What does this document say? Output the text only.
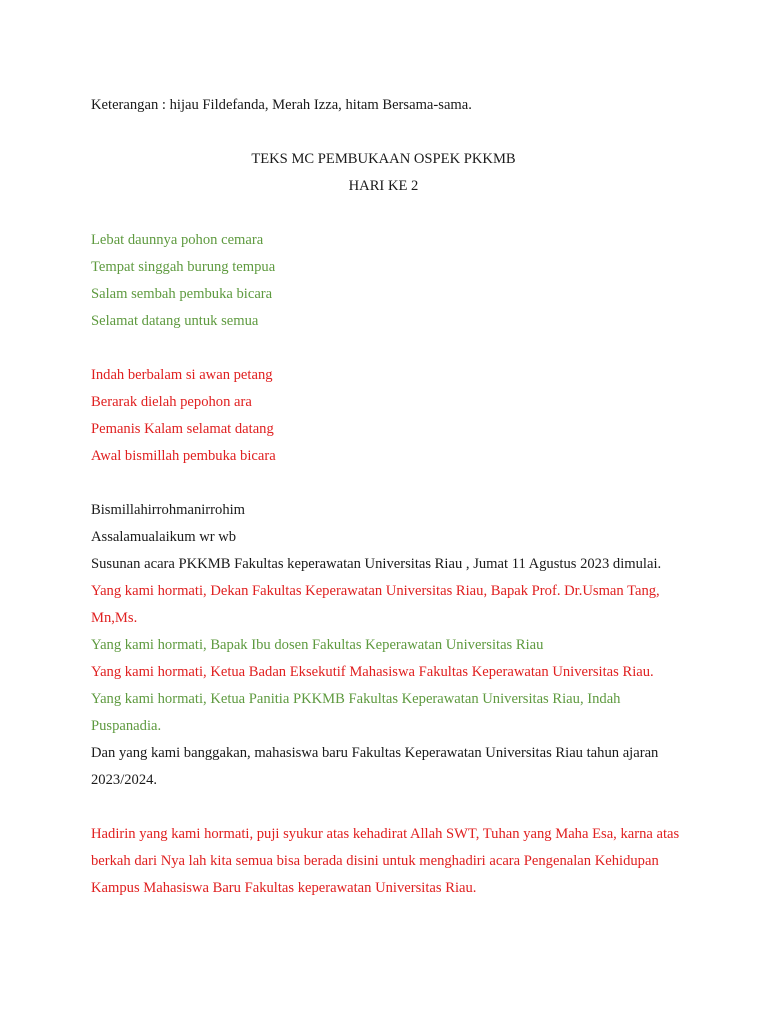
Keterangan : hijau Fildefanda, Merah Izza, hitam Bersama-sama.

TEKS MC PEMBUKAAN OSPEK PKKMB

HARI KE 2

Lebat daunnya pohon cemara

Tempat singgah burung tempua

Salam sembah pembuka bicara

Selamat datang untuk semua

Indah berbalam si awan petang

Berarak dielah pepohon ara

Pemanis Kalam selamat datang

Awal bismillah pembuka bicara

Bismillahirrohmanirrohim

Assalamualaikum wr wb

Susunan acara PKKMB Fakultas keperawatan Universitas Riau , Jumat 11 Agustus 2023 dimulai.

Yang kami hormati, Dekan Fakultas Keperawatan Universitas Riau, Bapak Prof. Dr.Usman Tang, Mn,Ms.

Yang kami hormati, Bapak Ibu dosen Fakultas Keperawatan Universitas Riau

Yang kami hormati, Ketua Badan Eksekutif Mahasiswa Fakultas Keperawatan Universitas Riau.

Yang kami hormati, Ketua Panitia PKKMB Fakultas Keperawatan Universitas Riau, Indah Puspanadia.

Dan yang kami banggakan, mahasiswa baru Fakultas Keperawatan Universitas Riau tahun ajaran 2023/2024.

Hadirin yang kami hormati, puji syukur atas kehadirat Allah SWT, Tuhan yang Maha Esa, karna atas berkah dari Nya lah kita semua bisa berada disini untuk menghadiri acara Pengenalan Kehidupan Kampus Mahasiswa Baru Fakultas keperawatan Universitas Riau.
